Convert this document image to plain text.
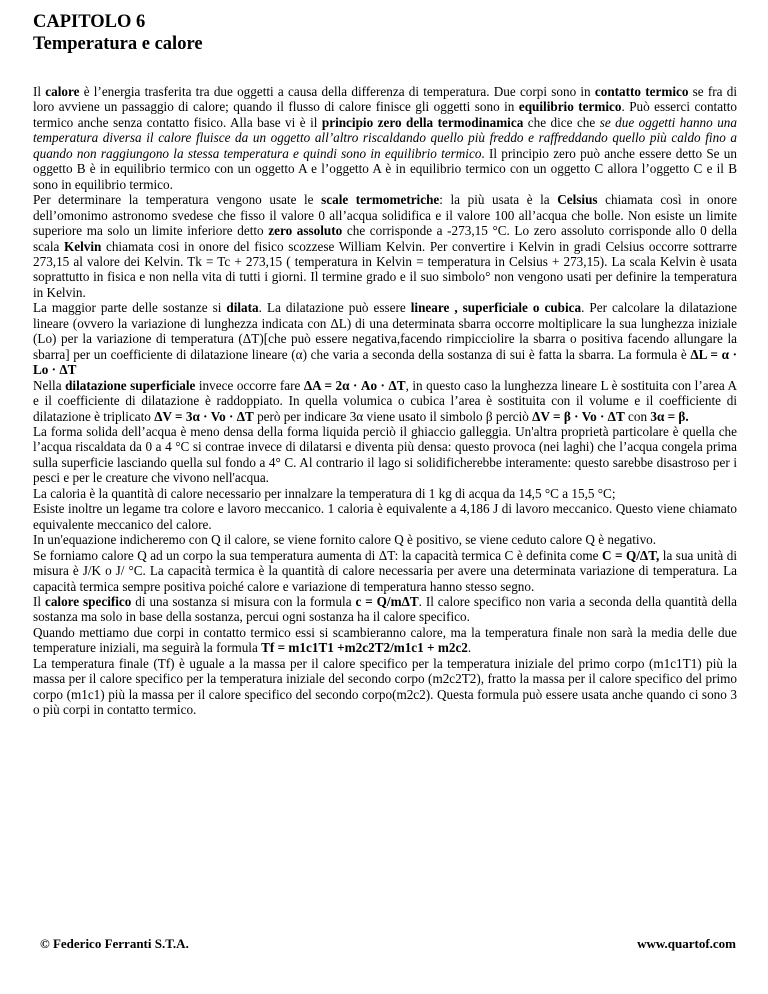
CAPITOLO 6
Temperatura e calore

Il calore è l’energia trasferita tra due oggetti a causa della differenza di temperatura. Due corpi sono in contatto termico se fra di loro avviene un passaggio di calore; quando il flusso di calore finisce gli oggetti sono in equilibrio termico. Può esserci contatto termico anche senza contatto fisico. Alla base vi è il principio zero della termodinamica che dice che se due oggetti hanno una temperatura diversa il calore fluisce da un oggetto all’altro riscaldando quello più freddo e raffreddando quello più caldo fino a quando non raggiungono la stessa temperatura e quindi sono in equilibrio termico. Il principio zero può anche essere detto Se un oggetto B è in equilibrio termico con un oggetto A e l’oggetto A è in equilibrio termico con un oggetto C allora l’oggetto C e il B sono in equilibrio termico.

Per determinare la temperatura vengono usate le scale termometriche: la più usata è la Celsius chiamata così in onore dell’omonimo astronomo svedese che fisso il valore 0 all’acqua solidifica e il valore 100 all’acqua che bolle. Non esiste un limite superiore ma solo un limite inferiore detto zero assoluto che corrisponde a -273,15 °C. Lo zero assoluto corrisponde allo 0 della scala Kelvin chiamata cosi in onore del fisico scozzese William Kelvin. Per convertire i Kelvin in gradi Celsius occorre sottrarre 273,15 al valore dei Kelvin. Tk = Tc + 273,15 ( temperatura in Kelvin = temperatura in Celsius + 273,15). La scala Kelvin è usata soprattutto in fisica e non nella vita di tutti i giorni. Il termine grado e il suo simbolo° non vengono usati per definire la temperatura in Kelvin.

La maggior parte delle sostanze si dilata. La dilatazione può essere lineare , superficiale o cubica. Per calcolare la dilatazione lineare (ovvero la variazione di lunghezza indicata con ΔL) di una determinata sbarra occorre moltiplicare la sua lunghezza iniziale (Lo) per la variazione di temperatura (ΔT)[che può essere negativa,facendo rimpicciolire la sbarra o positiva facendo allungare la sbarra] per un coefficiente di dilatazione lineare (α) che varia a seconda della sostanza di sui è fatta la sbarra. La formula è ΔL = α · Lo · ΔT

Nella dilatazione superficiale invece occorre fare ΔA = 2α · Ao · ΔT, in questo caso la lunghezza lineare L è sostituita con l’area A e il coefficiente di dilatazione è raddoppiato. In quella volumica o cubica l’area è sostituita con il volume e il coefficiente di dilatazione è triplicato ΔV = 3α · Vo · ΔT però per indicare 3α viene usato il simbolo β perciò ΔV = β · Vo · ΔT con 3α = β.

La forma solida dell’acqua è meno densa della forma liquida perciò il ghiaccio galleggia. Un'altra proprietà particolare è quella che l’acqua riscaldata da 0 a 4 °C si contrae invece di dilatarsi e diventa più densa: questo provoca (nei laghi) che l’acqua congela prima sulla superficie lasciando quella sul fondo a 4° C. Al contrario il lago si solidificherebbe interamente: questo sarebbe disastroso per i pesci e per le creature che vivono nell'acqua.

La caloria è la quantità di calore necessario per innalzare la temperatura di 1 kg di acqua da 14,5 °C a 15,5 °C;

Esiste inoltre un legame tra colore e lavoro meccanico. 1 caloria è equivalente a 4,186 J di lavoro meccanico. Questo viene chiamato equivalente meccanico del calore.

In un'equazione indicheremo con Q il calore, se viene fornito calore Q è positivo, se viene ceduto calore Q è negativo.

Se forniamo calore Q ad un corpo la sua temperatura aumenta di ΔT: la capacità termica C è definita come C = Q/ΔT, la sua unità di misura è J/K o J/ °C. La capacità termica è la quantità di calore necessaria per avere una determinata variazione di temperatura. La capacità termica sempre positiva poiché calore e variazione di temperatura hanno stesso segno.

Il calore specifico di una sostanza si misura con la formula c = Q/mΔT. Il calore specifico non varia a seconda della quantità della sostanza ma solo in base della sostanza, percui ogni sostanza ha il calore specifico.

Quando mettiamo due corpi in contatto termico essi si scambieranno calore, ma la temperatura finale non sarà la media delle due temperature iniziali, ma seguirà la formula Tf = m1c1T1 +m2c2T2/m1c1 + m2c2.

La temperatura finale (Tf) è uguale a la massa per il calore specifico per la temperatura iniziale del primo corpo (m1c1T1) più la massa per il calore specifico per la temperatura iniziale del secondo corpo (m2c2T2), fratto la massa per il calore specifico del primo corpo (m1c1) più la massa per il calore specifico del secondo corpo(m2c2). Questa formula può essere usata anche quando ci sono 3 o più corpi in contatto termico.

© Federico Ferranti S.T.A.	www.quartof.com
